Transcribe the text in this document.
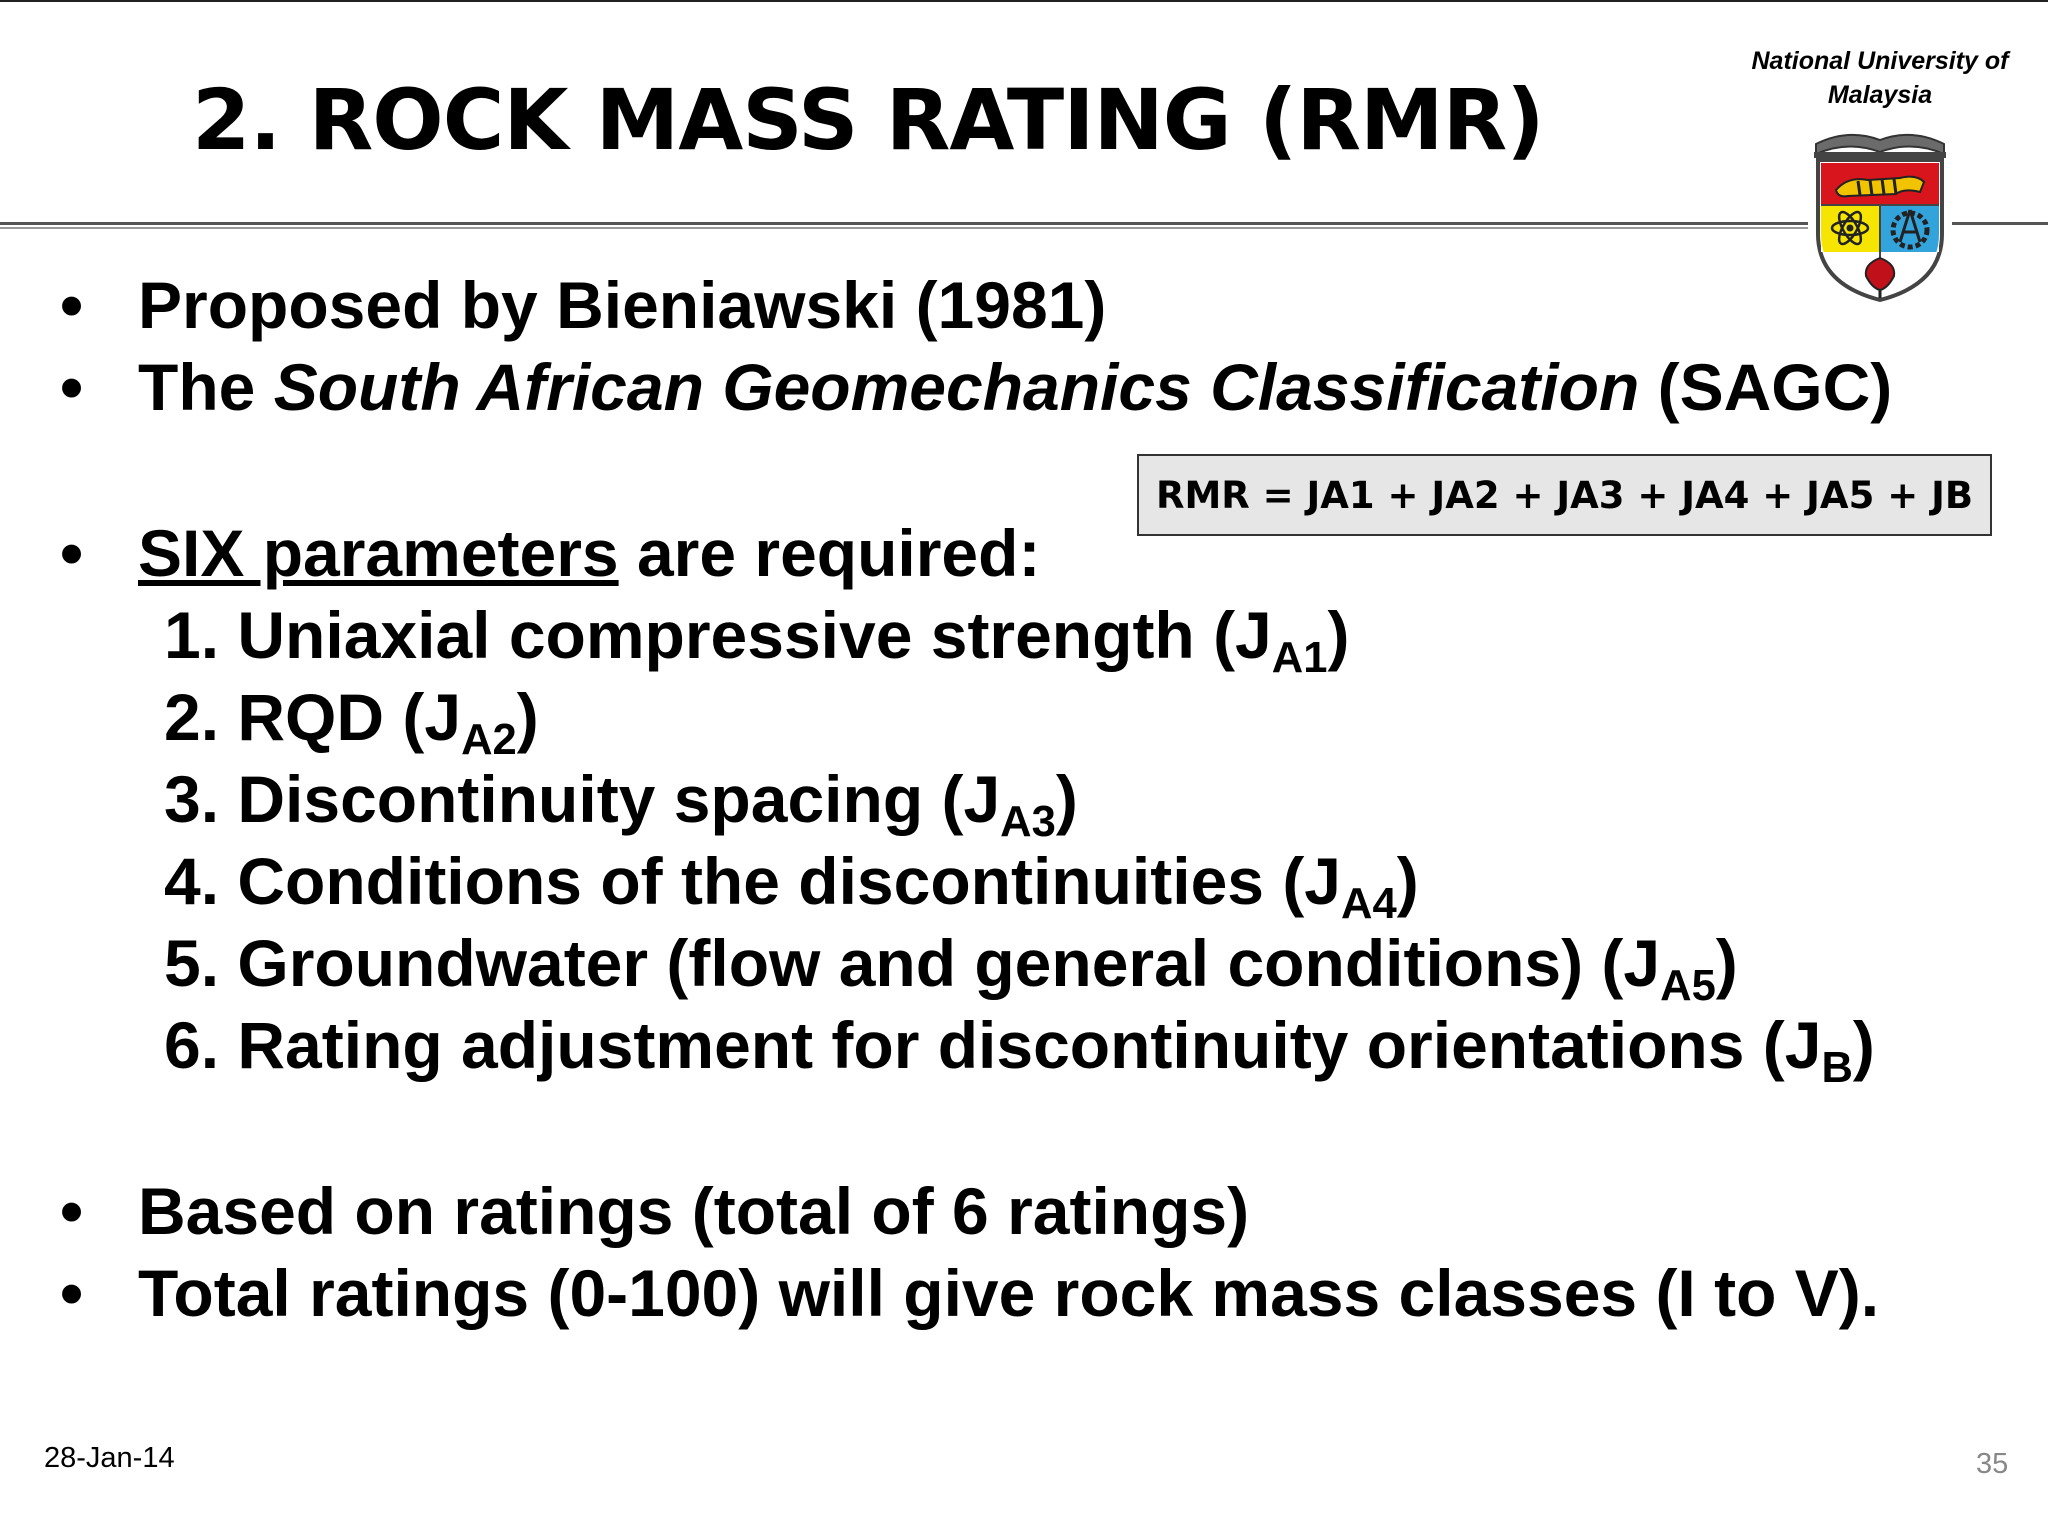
2. ROCK MASS RATING (RMR)
National University of
Malaysia
RMR = JA1 + JA2 + JA3 + JA4 + JA5 + JB
• Proposed by Bieniawski (1981)
• The South African Geomechanics Classification (SAGC)
• SIX parameters are required:
1. Uniaxial compressive strength $(J_{A1})$
2. RQD $(J_{A2})$
3. Discontinuity spacing $(J_{A3})$
4. Conditions of the discontinuities $(J_{A4})$
5. Groundwater (flow and general conditions) $(J_{A5})$
6. Rating adjustment for discontinuity orientations $(J_B)$
• Based on ratings (total of 6 ratings)
• Total ratings (0-100) will give rock mass classes (I to V).
28-Jan-14	35
